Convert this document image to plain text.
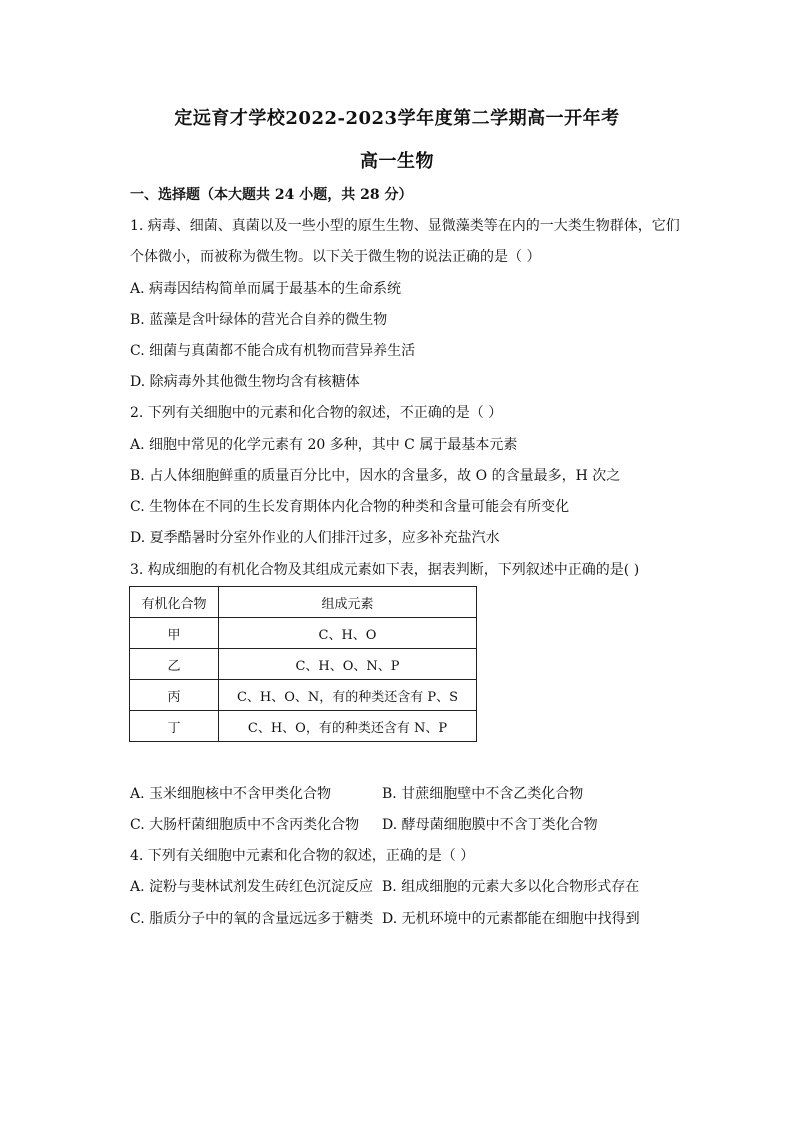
定远育才学校2022-2023学年度第二学期高一开年考
高一生物
一、选择题（本大题共 24 小题，共 28 分）
1. 病毒、细菌、真菌以及一些小型的原生生物、显微藻类等在内的一大类生物群体，它们
个体微小，而被称为微生物。以下关于微生物的说法正确的是（ ）
A. 病毒因结构简单而属于最基本的生命系统
B. 蓝藻是含叶绿体的营光合自养的微生物
C. 细菌与真菌都不能合成有机物而营异养生活
D. 除病毒外其他微生物均含有核糖体
2. 下列有关细胞中的元素和化合物的叙述，不正确的是（ ）
A. 细胞中常见的化学元素有 20 多种，其中 C 属于最基本元素
B. 占人体细胞鲜重的质量百分比中，因水的含量多，故 O 的含量最多，H 次之
C. 生物体在不同的生长发育期体内化合物的种类和含量可能会有所变化
D. 夏季酷暑时分室外作业的人们排汗过多，应多补充盐汽水
3. 构成细胞的有机化合物及其组成元素如下表，据表判断，下列叙述中正确的是( )
有机化合物	组成元素
甲	C、H、O
乙	C、H、O、N、P
丙	C、H、O、N，有的种类还含有 P、S
丁	C、H、O，有的种类还含有 N、P
A. 玉米细胞核中不含甲类化合物	B. 甘蔗细胞壁中不含乙类化合物
C. 大肠杆菌细胞质中不含丙类化合物 D. 酵母菌细胞膜中不含丁类化合物
4. 下列有关细胞中元素和化合物的叙述，正确的是（ ）
A. 淀粉与斐林试剂发生砖红色沉淀反应 B. 组成细胞的元素大多以化合物形式存在
C. 脂质分子中的氧的含量远远多于糖类 D. 无机环境中的元素都能在细胞中找得到
